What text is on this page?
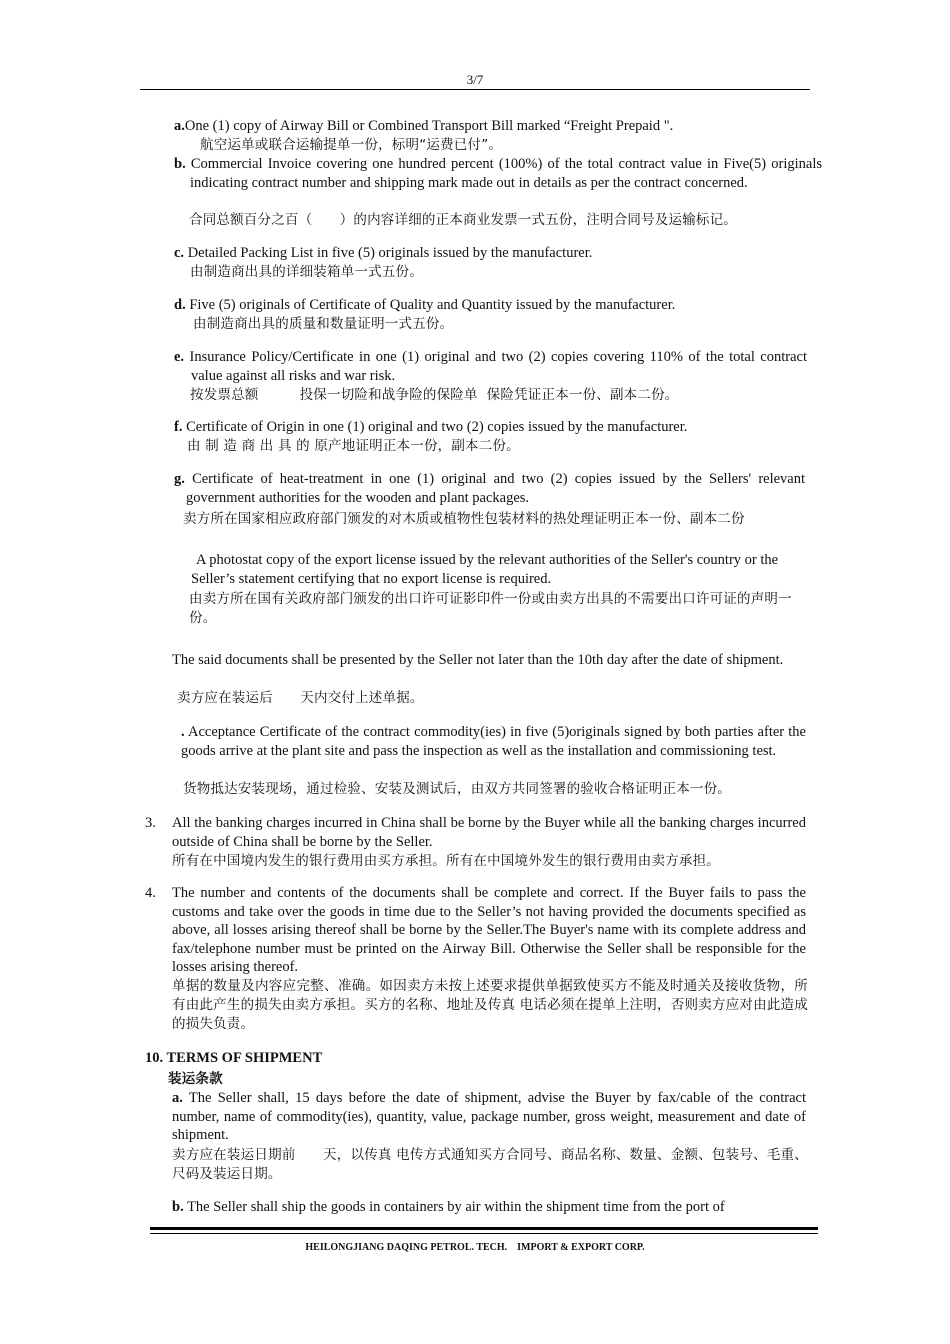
3/7

a.One (1) copy of Airway Bill or Combined Transport Bill marked “Freight Prepaid ".

航空运单或联合运输提单一份，标明“运费已付”。

b. Commercial Invoice covering one hundred percent (100%) of the total contract value in Five(5) originals indicating contract number and shipping mark made out in details as per the contract concerned.

合同总额百分之百（　　）的内容详细的正本商业发票一式五份，注明合同号及运输标记。

c. Detailed Packing List in five (5) originals issued by the manufacturer.

由制造商出具的详细装箱单一式五份。

d. Five (5) originals of Certificate of Quality and Quantity issued by the manufacturer.

由制造商出具的质量和数量证明一式五份。

e. Insurance Policy/Certificate in one (1) original and two (2) copies covering 110% of the total contract value against all risks and war risk.

按发票总额　　　投保一切险和战争险的保险单  保险凭证正本一份、副本二份。

f. Certificate of Origin in one (1) original and two (2) copies issued by the manufacturer.

由 制 造 商 出 具 的 原产地证明正本一份，副本二份。

g. Certificate of heat-treatment in one (1) original and two (2) copies issued by the Sellers' relevant government authorities for the wooden and plant packages.

卖方所在国家相应政府部门颁发的对木质或植物性包装材料的热处理证明正本一份、副本二份

A photostat copy of the export license issued by the relevant authorities of the Seller's country or the Seller’s statement certifying that no export license is required.

由卖方所在国有关政府部门颁发的出口许可证影印件一份或由卖方出具的不需要出口许可证的声明一份。

The said documents shall be presented by the Seller not later than the 10th day after the date of shipment.

卖方应在装运后　　天内交付上述单据。

. Acceptance Certificate of the contract commodity(ies) in five (5)originals signed by both parties after the goods arrive at the plant site and pass the inspection as well as the installation and commissioning test.

货物抵达安装现场，通过检验、安装及测试后，由双方共同签署的验收合格证明正本一份。

3.	All the banking charges incurred in China shall be borne by the Buyer while all the banking charges incurred outside of China shall be borne by the Seller.

所有在中国境内发生的银行费用由买方承担。所有在中国境外发生的银行费用由卖方承担。

4.	The number and contents of the documents shall be complete and correct. If the Buyer fails to pass the customs and take over the goods in time due to the Seller’s not having provided the documents specified as above, all losses arising thereof shall be borne by the Seller.The Buyer's name with its complete address and fax/telephone number must be printed on the Airway Bill. Otherwise the Seller shall be responsible for the losses arising thereof.

单据的数量及内容应完整、准确。如因卖方未按上述要求提供单据致使买方不能及时通关及接收货物，所有由此产生的损失由卖方承担。买方的名称、地址及传真 电话必须在提单上注明，否则卖方应对由此造成的损失负责。

10. TERMS OF SHIPMENT

装运条款

a. The Seller shall, 15 days before the date of shipment, advise the Buyer by fax/cable of the contract number, name of commodity(ies), quantity, value, package number, gross weight, measurement and date of shipment.

卖方应在装运日期前　　天，以传真 电传方式通知买方合同号、商品名称、数量、金额、包装号、毛重、尺码及装运日期。

b. The Seller shall ship the goods in containers by air within the shipment time from the port of

HEILONGJIANG DAQING PETROL. TECH.    IMPORT & EXPORT CORP.
